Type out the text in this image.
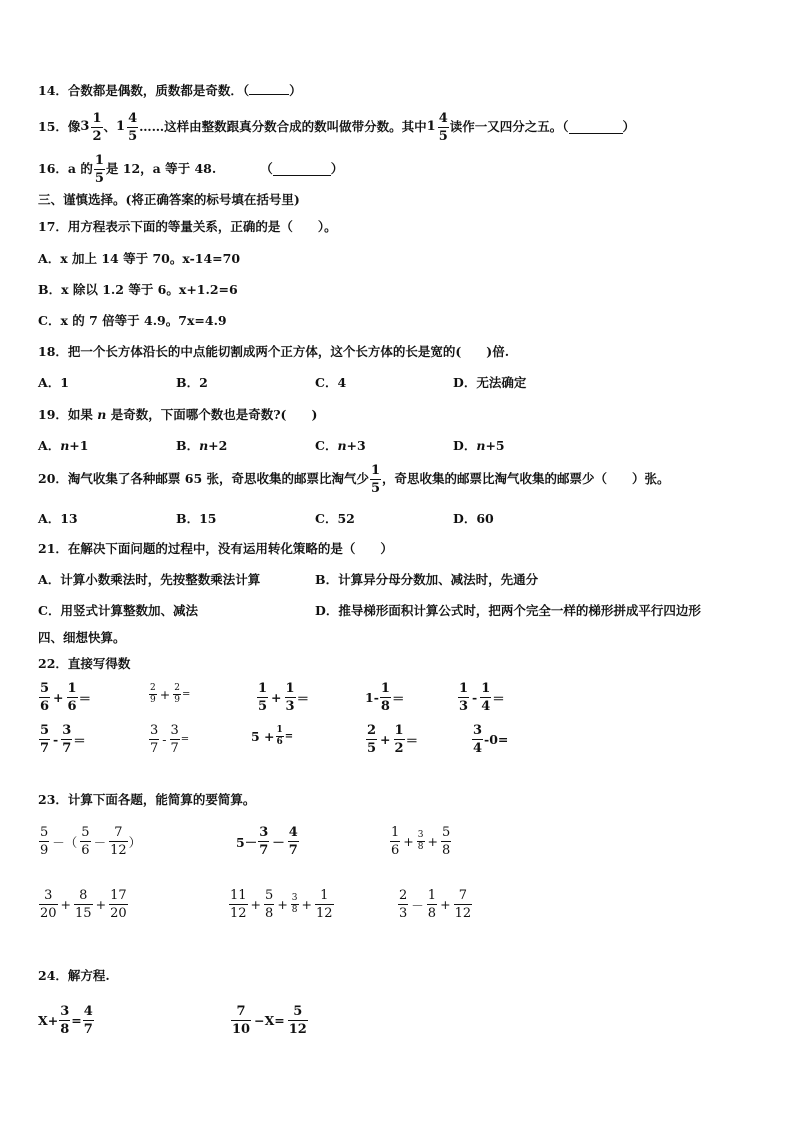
14．合数都是偶数，质数都是奇数．（	）
15． 像 $3 \frac{1}{2}$ 、 $1 \frac{4}{5}$ ……这样由整数跟真分数合成的数叫做带分数。其中 $1 \frac{4}{5}$ 读作一又四分之五。（	）
16． a 的 $\frac{1}{5}$ 是 12，a 等于 48.	（	）
三、谨慎选择。(将正确答案的标号填在括号里)
17．用方程表示下面的等量关系，正确的是（　　）。
A．x 加上 14 等于 70。x-14=70
B．x 除以 1.2 等于 6。x+1.2=6
C．x 的 7 倍等于 4.9。7x=4.9
18．把一个长方体沿长的中点能切割成两个正方体，这个长方体的长是宽的(　　)倍.
A．1	B．2	C．4	D．无法确定
19．如果 n 是奇数，下面哪个数也是奇数?(　　)
A．n+1	B．n+2	C．n+3	D．n+5
20．淘气收集了各种邮票 65 张，奇思收集的邮票比淘气少 $\frac{1}{5}$ ，奇思收集的邮票比淘气收集的邮票少（　　）张。
A．13	B．15	C．52	D．60
21．在解决下面问题的过程中，没有运用转化策略的是（　　）
A．计算小数乘法时，先按整数乘法计算	B．计算异分母分数加、减法时，先通分
C．用竖式计算整数加、减法	D．推导梯形面积计算公式时，把两个完全一样的梯形拼成平行四边形
四、细想快算。
22．直接写得数
$\frac{5}{6} + \frac{1}{6}$ ＝	$\frac{2}{9} + \frac{2}{9}$ =	$\frac{1}{5} + \frac{1}{3}$ ＝	$1- \frac{1}{8}$ ＝	$\frac{1}{3} - \frac{1}{4}$ ＝
$\frac{5}{7} - \frac{3}{7}$ ＝	$\frac{3}{7} - \frac{3}{7}$ =	$5 + \frac{1}{6}$ =	$\frac{2}{5} + \frac{1}{2}$ ＝	$\frac{3}{4} -0=$
23．计算下面各题，能简算的要简算。
$\frac{5}{9}$ －（ $\frac{5}{6} - \frac{7}{12}$ ）	$5- \frac{3}{7} - \frac{4}{7}$	$\frac{1}{6} + \frac{3}{8} + \frac{5}{8}$
$\frac{3}{20} + \frac{8}{15} + \frac{17}{20}$	$\frac{11}{12} + \frac{5}{8} + \frac{3}{8} + \frac{1}{12}$	$\frac{2}{3} - \frac{1}{8} + \frac{7}{12}$
24．解方程.
$X+ \frac{3}{8} = \frac{4}{7}$	$\frac{7}{10} -X= \frac{5}{12}$
